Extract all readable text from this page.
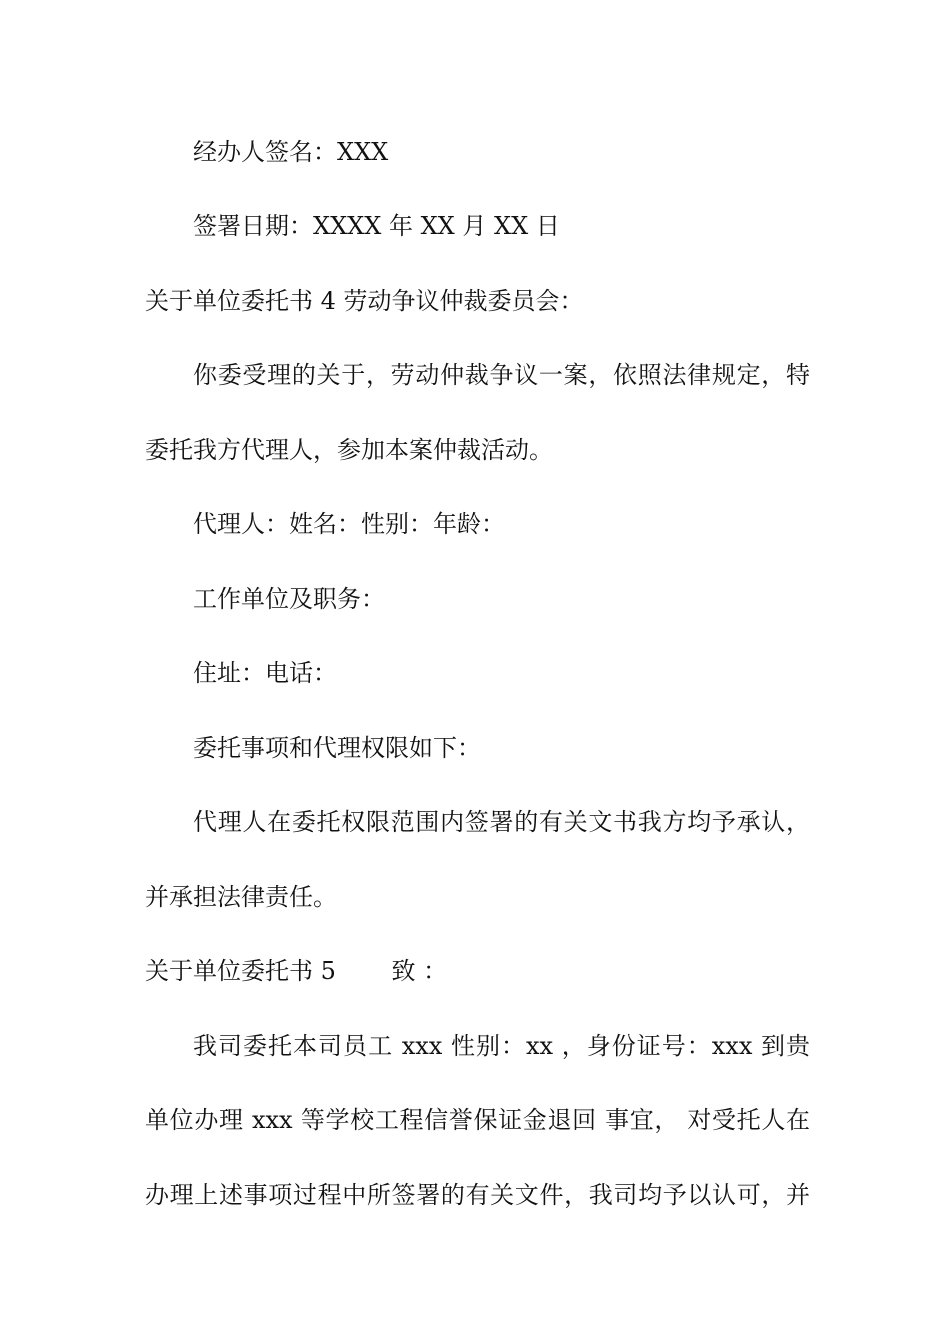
经办人签名：XXX
签署日期：XXXX 年 XX 月 XX 日
关于单位委托书 4 劳动争议仲裁委员会：
你委受理的关于，劳动仲裁争议一案，依照法律规定，特
委托我方代理人，参加本案仲裁活动。
代理人：姓名：性别：年龄：
工作单位及职务：
住址：电话：
委托事项和代理权限如下：
代理人在委托权限范围内签署的有关文书我方均予承认，
并承担法律责任。
关于单位委托书 5　　 致 ：
我司委托本司员工 xxx 性别：xx ，身份证号：xxx 到贵
单位办理 xxx 等学校工程信誉保证金退回 事宜， 对受托人在
办理上述事项过程中所签署的有关文件，我司均予以认可，并
